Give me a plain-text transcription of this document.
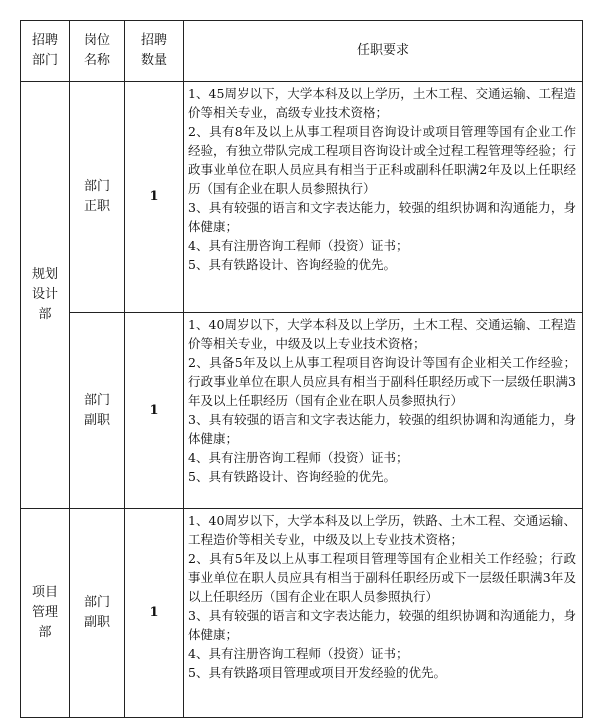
招聘部门	岗位名称	招聘数量	任职要求
规划设计部	部门正职	1	1、45周岁以下，大学本科及以上学历，土木工程、交通运输、工程造价等相关专业，高级专业技术资格；
2、具有8年及以上从事工程项目咨询设计或项目管理等国有企业工作经验，有独立带队完成工程项目咨询设计或全过程工程管理等经验；行政事业单位在职人员应具有相当于正科或副科任职满2年及以上任职经历（国有企业在职人员参照执行）
3、具有较强的语言和文字表达能力，较强的组织协调和沟通能力，身体健康；
4、具有注册咨询工程师（投资）证书；
5、具有铁路设计、咨询经验的优先。

	部门副职	1	1、40周岁以下，大学本科及以上学历，土木工程、交通运输、工程造价等相关专业，中级及以上专业技术资格；
2、具备5年及以上从事工程项目咨询设计等国有企业相关工作经验；行政事业单位在职人员应具有相当于副科任职经历或下一层级任职满3年及以上任职经历（国有企业在职人员参照执行）
3、具有较强的语言和文字表达能力，较强的组织协调和沟通能力，身体健康；
4、具有注册咨询工程师（投资）证书；
5、具有铁路设计、咨询经验的优先。

项目管理部	部门副职	1	1、40周岁以下，大学本科及以上学历，铁路、土木工程、交通运输、工程造价等相关专业，中级及以上专业技术资格；
2、具有5年及以上从事工程项目管理等国有企业相关工作经验；行政事业单位在职人员应具有相当于副科任职经历或下一层级任职满3年及以上任职经历（国有企业在职人员参照执行）
3、具有较强的语言和文字表达能力，较强的组织协调和沟通能力，身体健康；
4、具有注册咨询工程师（投资）证书；
5、具有铁路项目管理或项目开发经验的优先。
